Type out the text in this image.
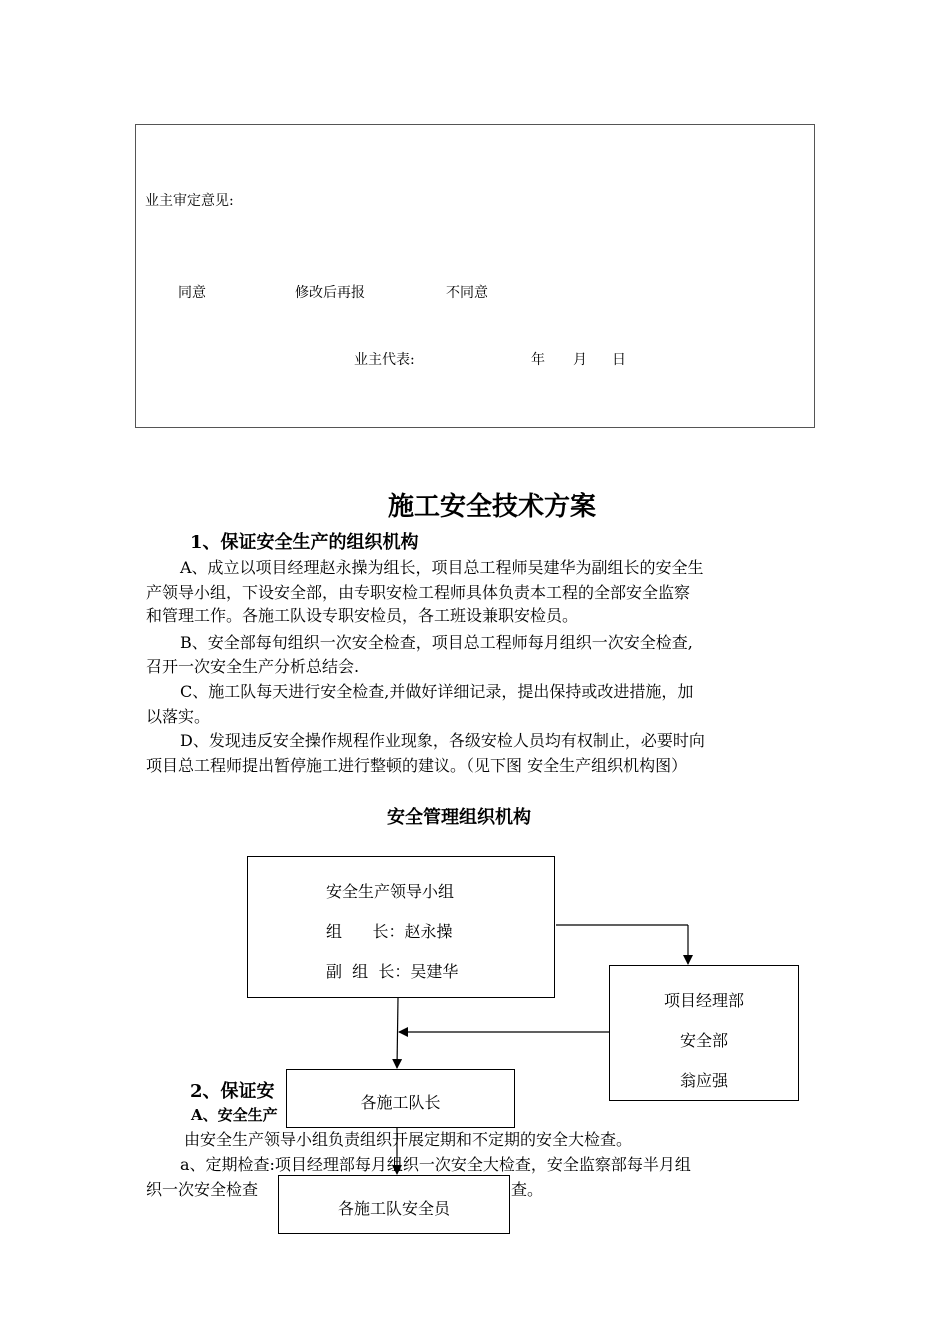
业主审定意见:
同意	修改后再报	不同意
业主代表:	年 月 日
施工安全技术方案
1、保证安全生产的组织机构
A、成立以项目经理赵永操为组长，项目总工程师吴建华为副组长的安全生
产领导小组，下设安全部，由专职安检工程师具体负责本工程的全部安全监察
和管理工作。各施工队设专职安检员，各工班设兼职安检员。
B、安全部每旬组织一次安全检查，项目总工程师每月组织一次安全检查,
召开一次安全生产分析总结会.
C、施工队每天进行安全检查,并做好详细记录，提出保持或改进措施，加
以落实。
D、发现违反安全操作规程作业现象，各级安检人员均有权制止，必要时向
项目总工程师提出暂停施工进行整顿的建议。（见下图 安全生产组织机构图）
安全管理组织机构
2、保证安
A、安全生产
由安全生产领导小组负责组织开展定期和不定期的安全大检查。
a、定期检查:项目经理部每月组织一次安全大检查，安全监察部每半月组
织一次安全检查	查。
安全生产领导小组
组      长：赵永操
副  组  长：吴建华
项目经理部
安全部
翁应强
各施工队长
各施工队安全员
